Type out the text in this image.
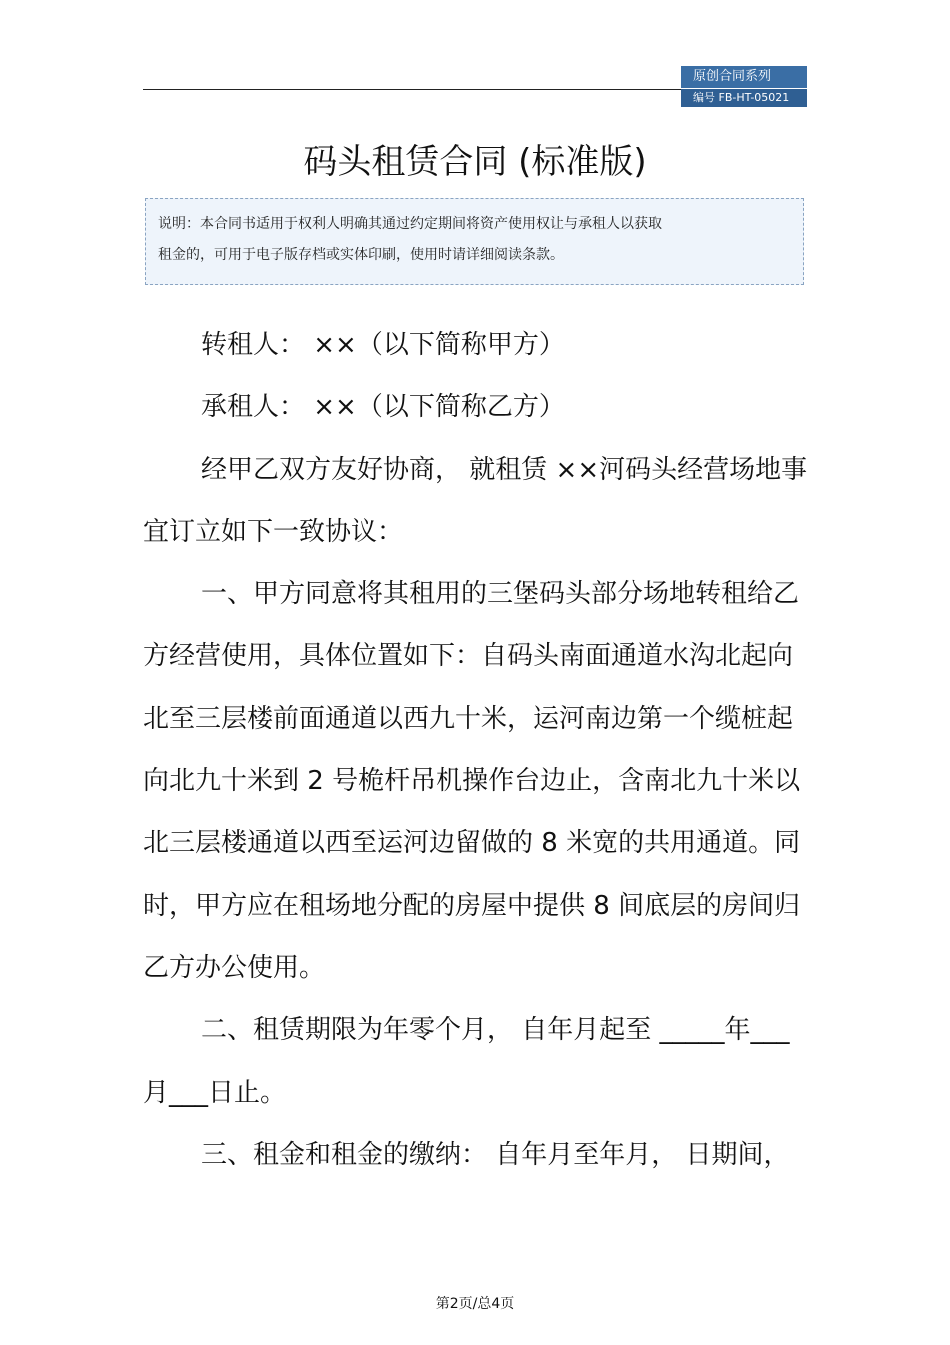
原创合同系列
编号 FB-HT-05021
码头租赁合同 (标准版)
说明：本合同书适用于权利人明确其通过约定期间将资产使用权让与承租人以获取
租金的，可用于电子版存档或实体印刷，使用时请详细阅读条款。

转租人： ××（以下简称甲方）

承租人： ××（以下简称乙方）

经甲乙双方友好协商， 就租赁 ××河码头经营场地事宜订立如下一致协议：

一、甲方同意将其租用的三堡码头部分场地转租给乙方经营使用，具体位置如下：自码头南面通道水沟北起向北至三层楼前面通道以西九十米，运河南边第一个缆桩起向北九十米到 2 号桅杆吊机操作台边止，含南北九十米以北三层楼通道以西至运河边留做的 8 米宽的共用通道。同时，甲方应在租场地分配的房屋中提供 8 间底层的房间归乙方办公使用。

二、租赁期限为年零个月， 自年月起至 _____年___月___日止。

三、租金和租金的缴纳： 自年月至年月， 日期间，

第2页/总4页
